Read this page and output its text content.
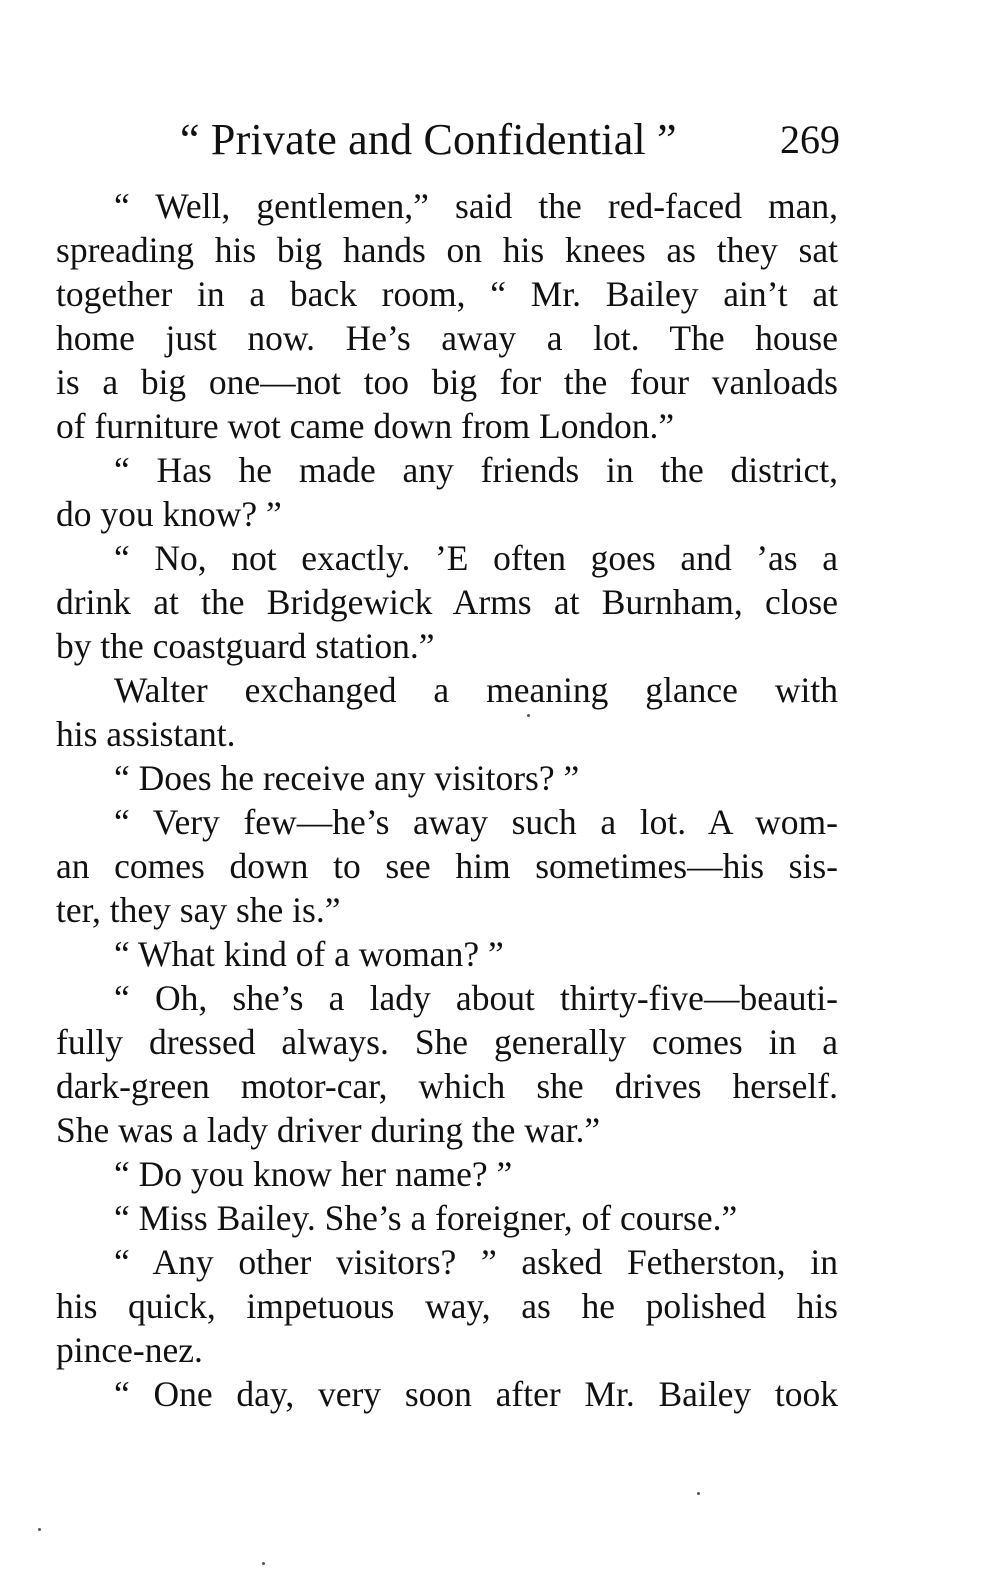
“ Private and Confidential ”	269
“ Well, gentlemen,” said the red-faced man,
spreading his big hands on his knees as they sat
together in a back room, “ Mr. Bailey ain’t at
home just now. He’s away a lot. The house
is a big one—not too big for the four vanloads
of furniture wot came down from London.”
“ Has he made any friends in the district,
do you know? ”
“ No, not exactly. ’E often goes and ’as a
drink at the Bridgewick Arms at Burnham, close
by the coastguard station.”
Walter exchanged a meaning glance with
his assistant.
“ Does he receive any visitors? ”
“ Very few—he’s away such a lot. A wom-
an comes down to see him sometimes—his sis-
ter, they say she is.”
“ What kind of a woman? ”
“ Oh, she’s a lady about thirty-five—beauti-
fully dressed always. She generally comes in a
dark-green motor-car, which she drives herself.
She was a lady driver during the war.”
“ Do you know her name? ”
“ Miss Bailey. She’s a foreigner, of course.”
“ Any other visitors? ” asked Fetherston, in
his quick, impetuous way, as he polished his
pince-nez.
“ One day, very soon after Mr. Bailey took
